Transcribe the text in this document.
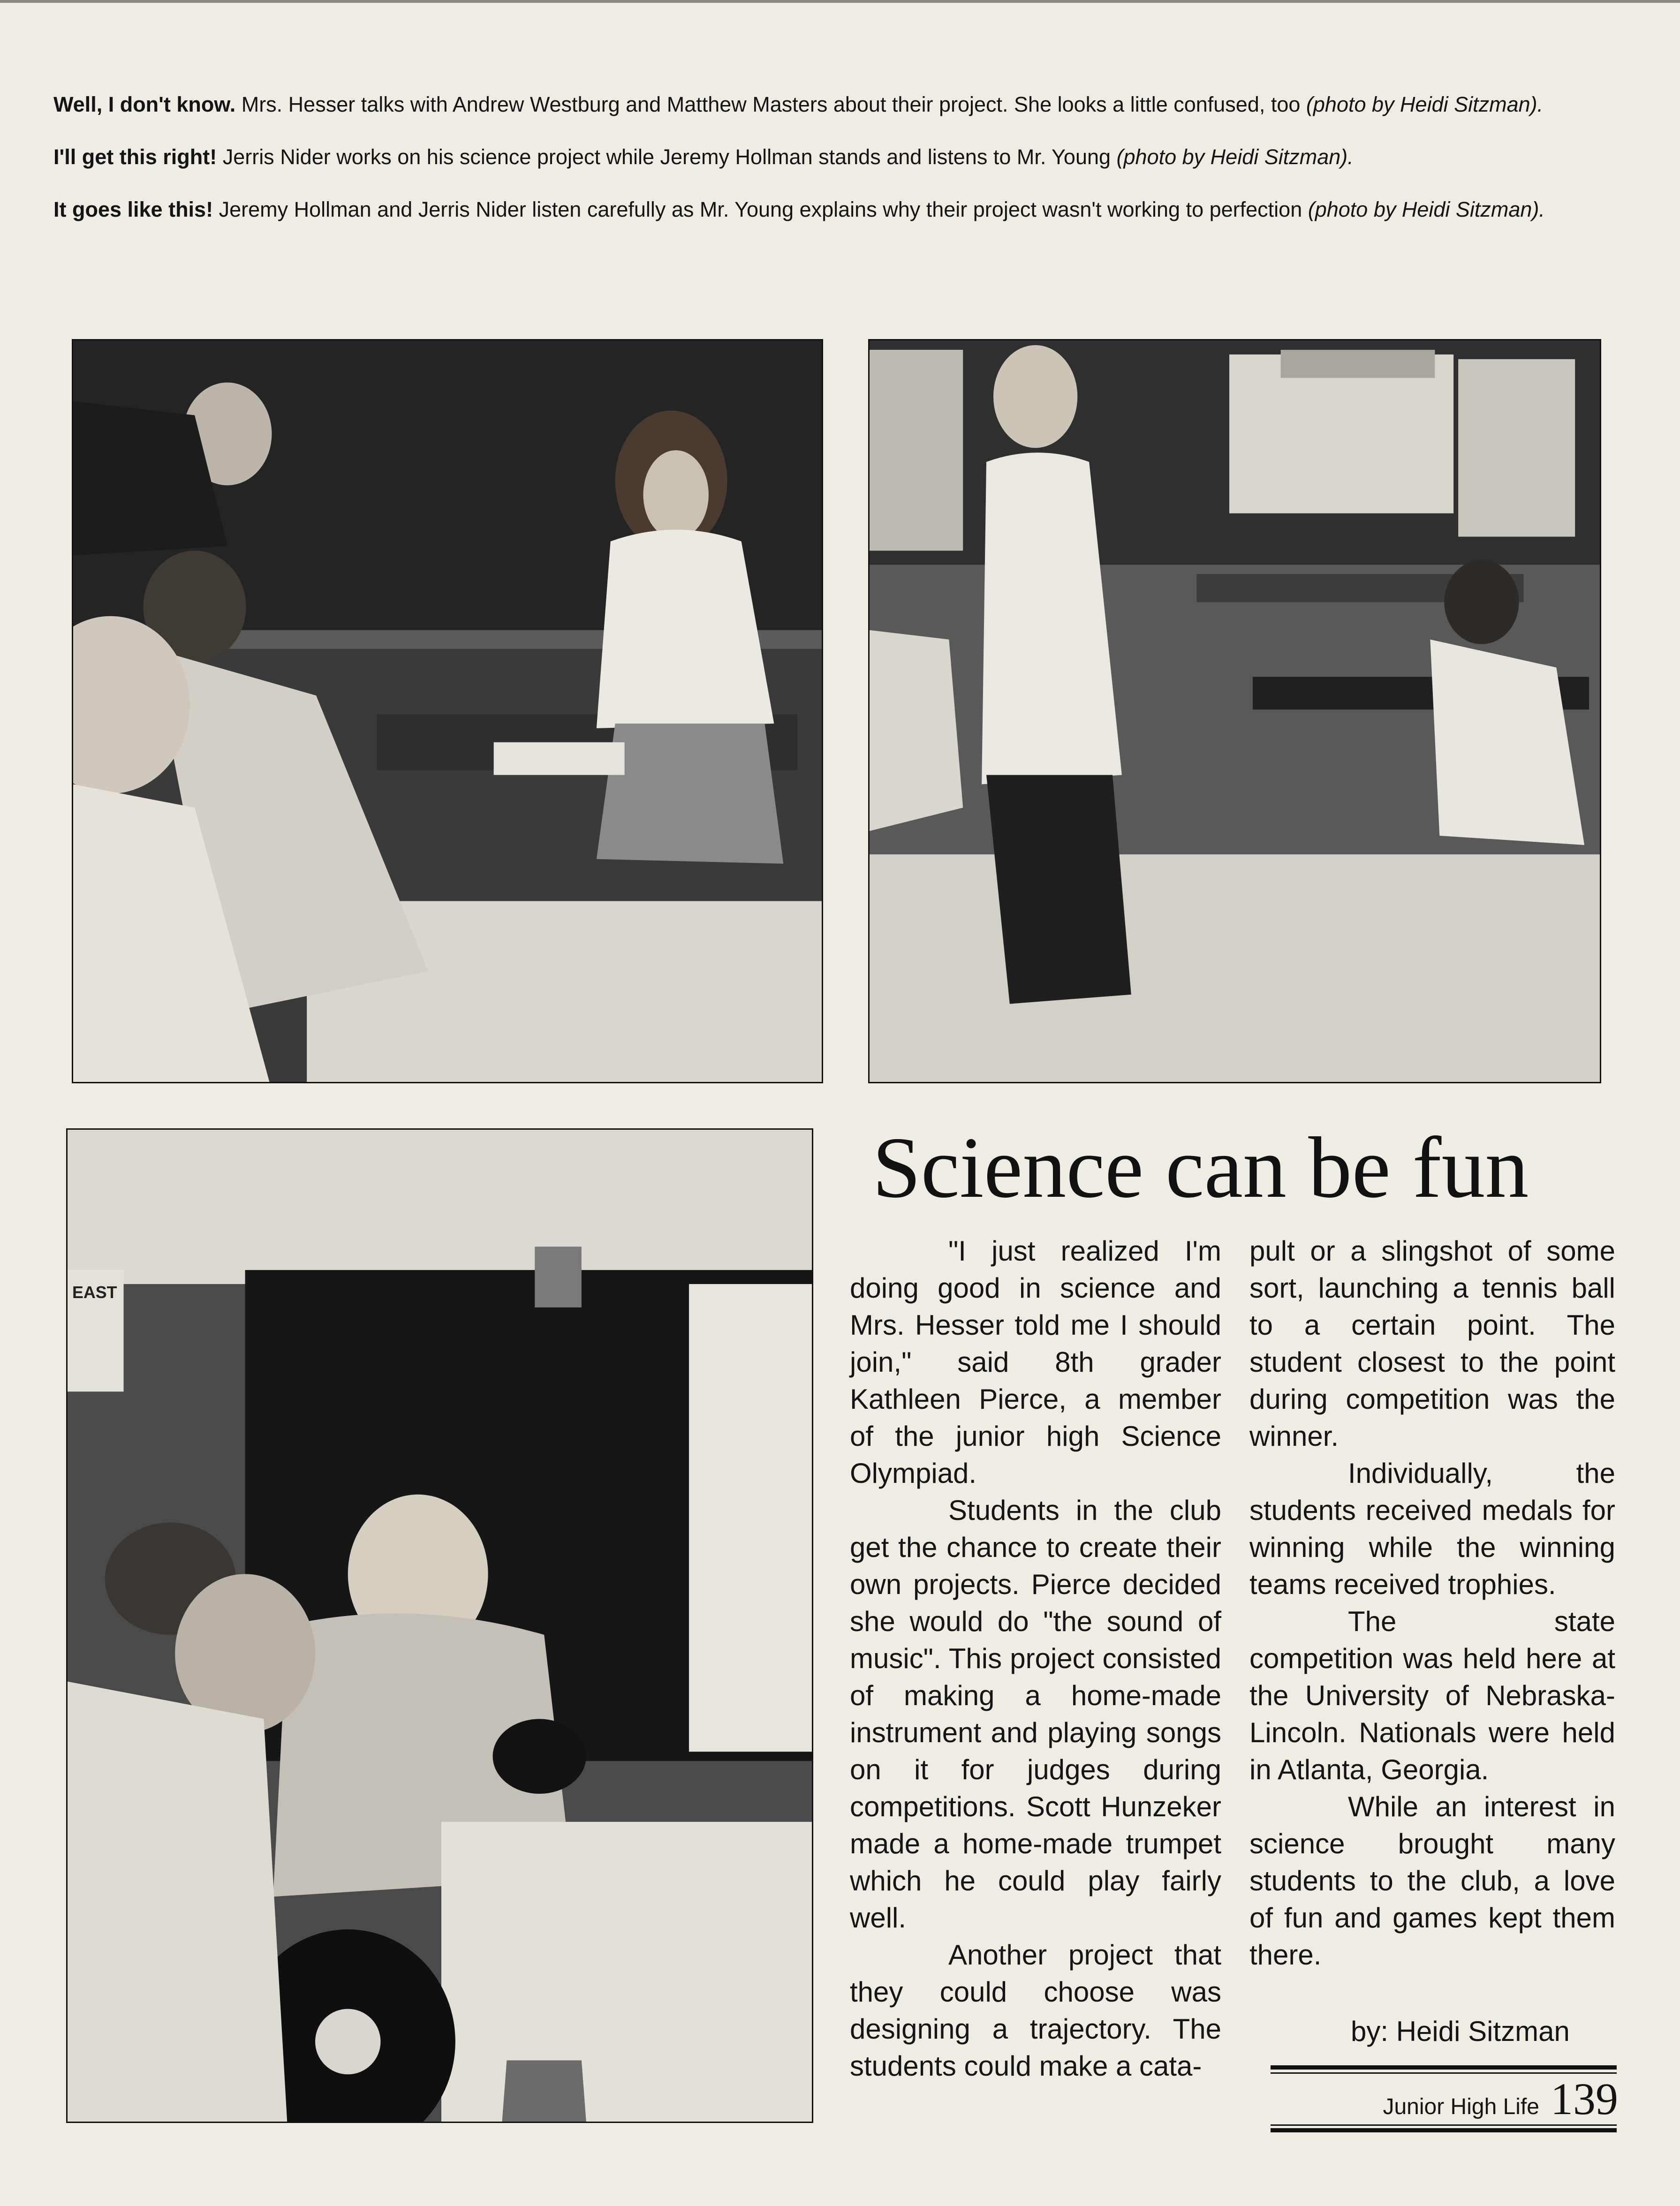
Well, I don't know. Mrs. Hesser talks with Andrew Westburg and Matthew Masters about their project. She looks a little confused, too (photo by Heidi Sitzman).

I'll get this right! Jerris Nider works on his science project while Jeremy Hollman stands and listens to Mr. Young (photo by Heidi Sitzman).

It goes like this! Jeremy Hollman and Jerris Nider listen carefully as Mr. Young explains why their project wasn't working to perfection (photo by Heidi Sitzman).

EAST
Science can be fun

"I just realized I'm doing good in science and Mrs. Hesser told me I should join," said 8th grader Kathleen Pierce, a member of the junior high Science Olympiad.

Students in the club get the chance to create their own projects. Pierce decided she would do "the sound of music". This project consisted of making a home-made instrument and playing songs on it for judges during competitions. Scott Hunzeker made a home-made trumpet which he could play fairly well.

Another project that they could choose was designing a trajectory. The students could make a cata-

pult or a slingshot of some sort, launching a tennis ball to a certain point. The student closest to the point during competition was the winner.

Individually, the students received medals for winning while the winning teams received trophies.

The state competition was held here at the University of Nebraska-Lincoln. Nationals were held in Atlanta, Georgia.

While an interest in science brought many students to the club, a love of fun and games kept them there.

by: Heidi Sitzman
Junior High Life 139
